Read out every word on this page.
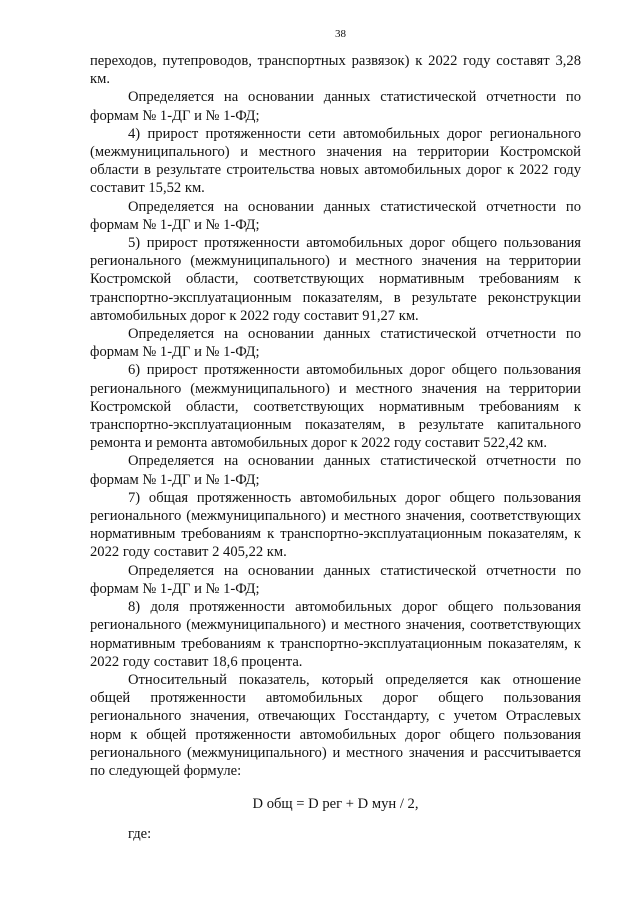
38

переходов, путепроводов, транспортных развязок) к 2022 году составят 3,28 км.

Определяется на основании данных статистической отчетности по формам № 1-ДГ и № 1-ФД;

4) прирост протяженности сети автомобильных дорог регионального (межмуниципального) и местного значения на территории Костромской области в результате строительства новых автомобильных дорог к 2022 году составит 15,52 км.

Определяется на основании данных статистической отчетности по формам № 1-ДГ и № 1-ФД;

5) прирост протяженности автомобильных дорог общего пользования регионального (межмуниципального) и местного значения на территории Костромской области, соответствующих нормативным требованиям к транспортно-эксплуатационным показателям, в результате реконструкции автомобильных дорог к 2022 году составит 91,27 км.

Определяется на основании данных статистической отчетности по формам № 1-ДГ и № 1-ФД;

6) прирост протяженности автомобильных дорог общего пользования регионального (межмуниципального) и местного значения на территории Костромской области, соответствующих нормативным требованиям к транспортно-эксплуатационным показателям, в результате капитального ремонта и ремонта автомобильных дорог к 2022 году составит 522,42 км.

Определяется на основании данных статистической отчетности по формам № 1-ДГ и № 1-ФД;

7) общая протяженность автомобильных дорог общего пользования регионального (межмуниципального) и местного значения, соответствующих нормативным требованиям к транспортно-эксплуатационным показателям, к 2022 году составит 2 405,22 км.

Определяется на основании данных статистической отчетности по формам № 1-ДГ и № 1-ФД;

8) доля протяженности автомобильных дорог общего пользования регионального (межмуниципального) и местного значения, соответствующих нормативным требованиям к транспортно-эксплуатационным показателям, к 2022 году составит 18,6 процента.

Относительный показатель, который определяется как отношение общей протяженности автомобильных дорог общего пользования регионального значения, отвечающих Госстандарту, с учетом Отраслевых норм к общей протяженности автомобильных дорог общего пользования регионального (межмуниципального) и местного значения и рассчитывается по следующей формуле:

D общ = D рег + D мун / 2,
где:
